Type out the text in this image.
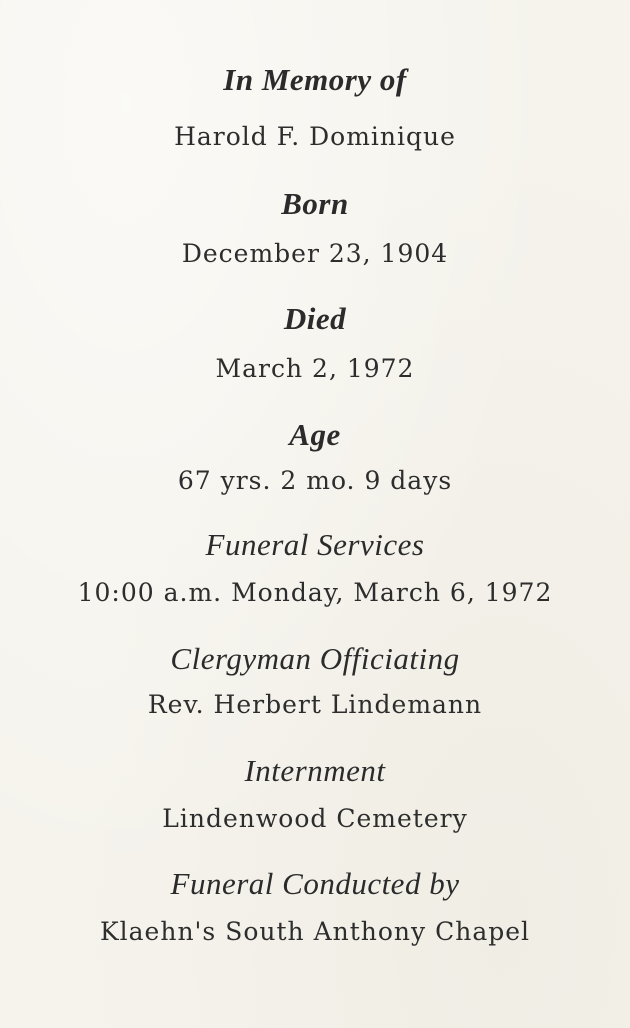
In Memory of
Harold F. Dominique
Born
December 23, 1904
Died
March 2, 1972
Age
67 yrs. 2 mo. 9 days
Funeral Services
10:00 a.m. Monday, March 6, 1972
Clergyman Officiating
Rev. Herbert Lindemann
Internment
Lindenwood Cemetery
Funeral Conducted by
Klaehn's South Anthony Chapel
